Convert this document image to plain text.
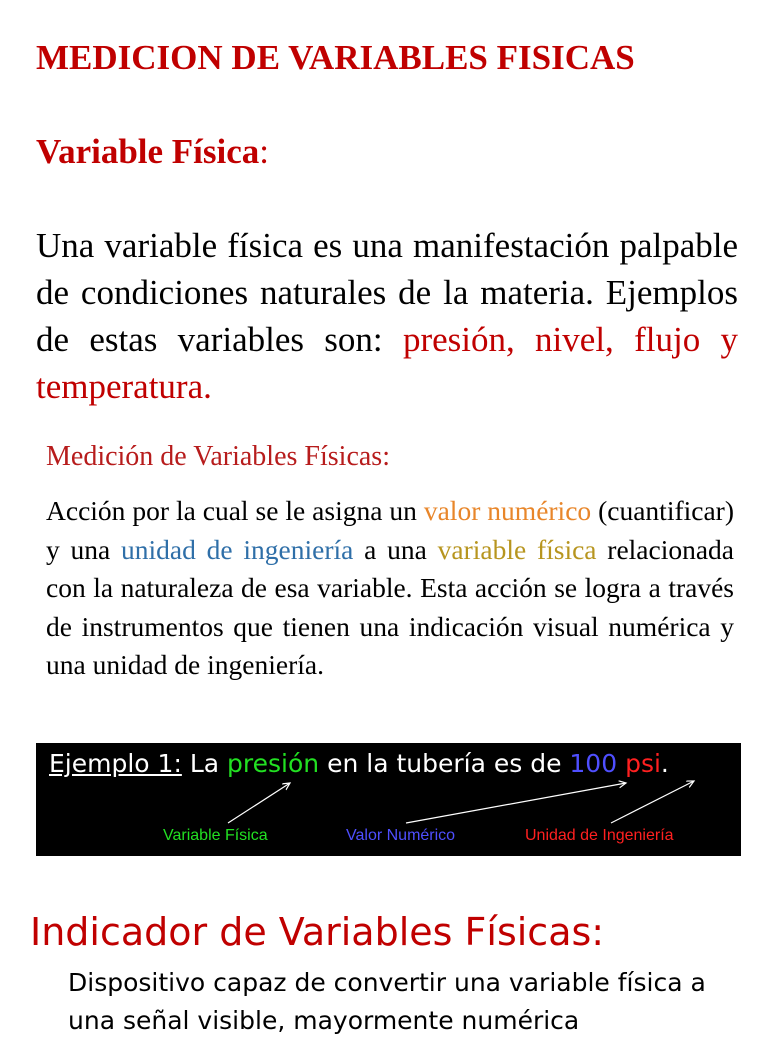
MEDICION DE VARIABLES FISICAS
Variable Física:
Una variable física es una manifestación palpable de condiciones naturales de la materia. Ejemplos de estas variables son: presión, nivel, flujo y temperatura.
Medición de Variables Físicas:
Acción por la cual se le asigna un valor numérico (cuantificar) y una unidad de ingeniería a una variable física relacionada con la naturaleza de esa variable. Esta acción se logra a través de instrumentos que tienen una indicación visual numérica y una unidad de ingeniería.
Ejemplo 1: La presión en la tubería es de 100 psi.
Variable Física	Valor Numérico	Unidad de Ingeniería
Indicador de Variables Físicas:
Dispositivo capaz de convertir una variable física a una señal visible, mayormente numérica
